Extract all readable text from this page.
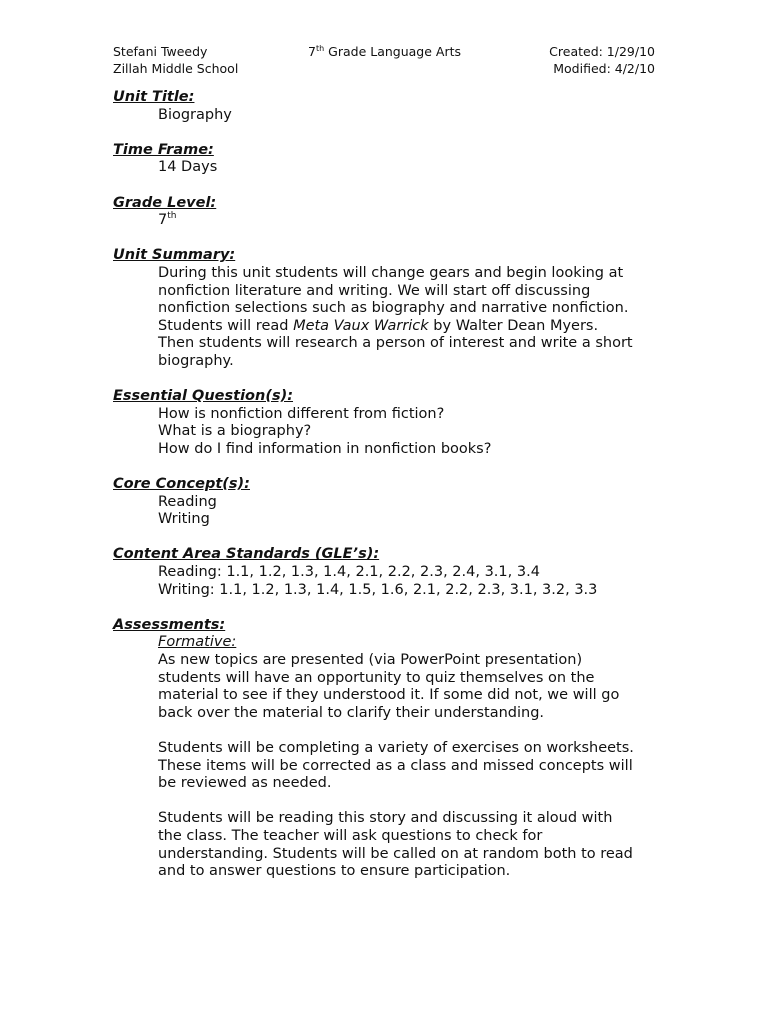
Stefani Tweedy
Zillah Middle School
7th Grade Language Arts	Created: 1/29/10
Modified: 4/2/10
Unit Title:
Biography
Time Frame:
14 Days
Grade Level:
7th
Unit Summary:
During this unit students will change gears and begin looking at
nonfiction literature and writing. We will start off discussing
nonfiction selections such as biography and narrative nonfiction.
Students will read Meta Vaux Warrick by Walter Dean Myers.
Then students will research a person of interest and write a short
biography.
Essential Question(s):
How is nonfiction different from fiction?
What is a biography?
How do I find information in nonfiction books?
Core Concept(s):
Reading
Writing
Content Area Standards (GLE’s):
Reading: 1.1, 1.2, 1.3, 1.4, 2.1, 2.2, 2.3, 2.4, 3.1, 3.4
Writing: 1.1, 1.2, 1.3, 1.4, 1.5, 1.6, 2.1, 2.2, 2.3, 3.1, 3.2, 3.3
Assessments:
Formative:
As new topics are presented (via PowerPoint presentation)
students will have an opportunity to quiz themselves on the
material to see if they understood it. If some did not, we will go
back over the material to clarify their understanding.
Students will be completing a variety of exercises on worksheets.
These items will be corrected as a class and missed concepts will
be reviewed as needed.
Students will be reading this story and discussing it aloud with
the class. The teacher will ask questions to check for
understanding. Students will be called on at random both to read
and to answer questions to ensure participation.
